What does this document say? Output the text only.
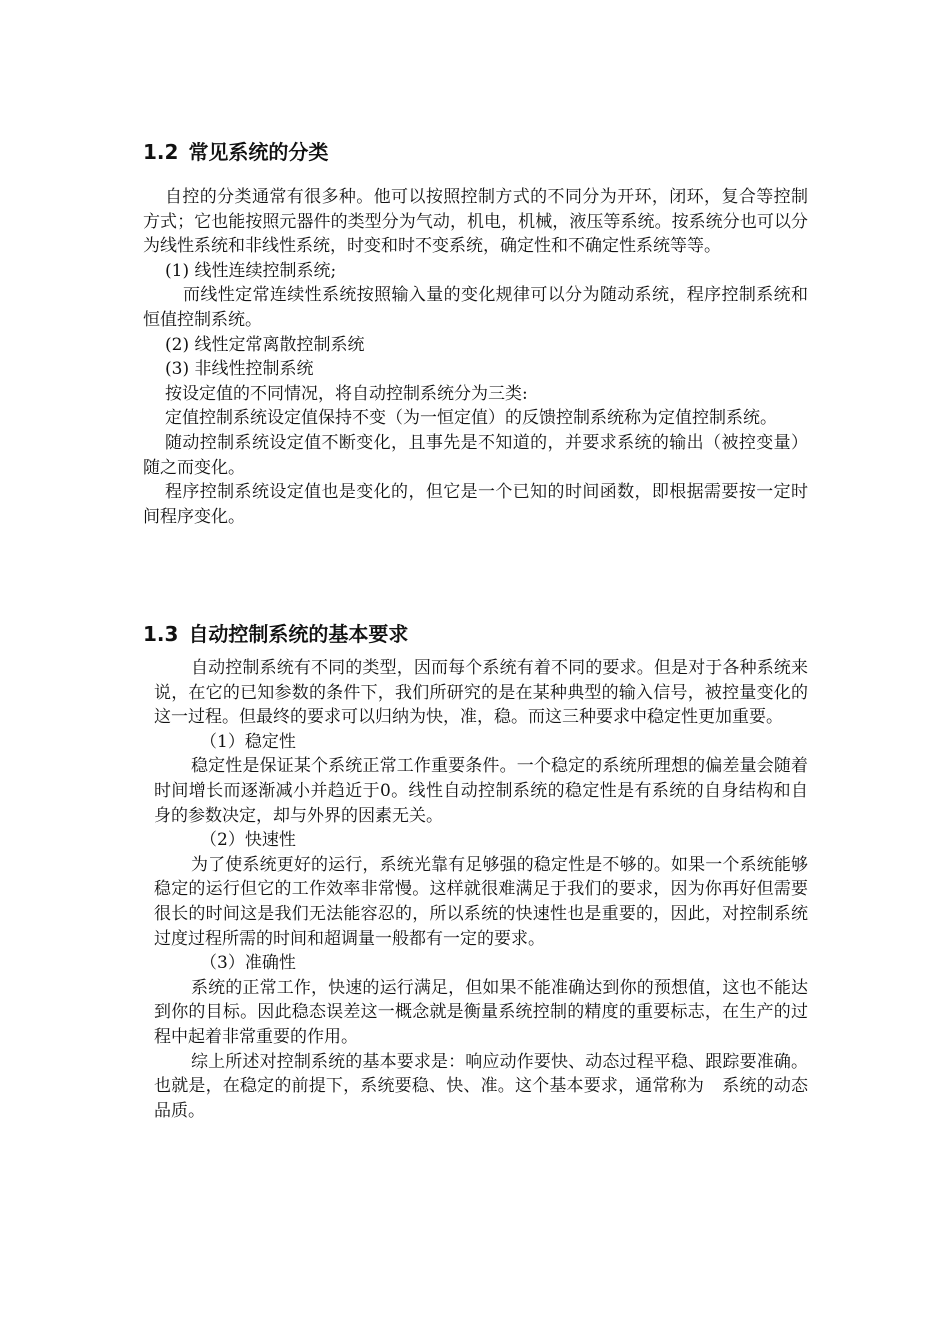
1.2 常见系统的分类

自控的分类通常有很多种。他可以按照控制方式的不同分为开环，闭环，复合等控制方式；它也能按照元器件的类型分为气动，机电，机械，液压等系统。按系统分也可以分为线性系统和非线性系统，时变和时不变系统，确定性和不确定性系统等等。

(1) 线性连续控制系统;

而线性定常连续性系统按照输入量的变化规律可以分为随动系统，程序控制系统和恒值控制系统。

(2) 线性定常离散控制系统

(3) 非线性控制系统

按设定值的不同情况，将自动控制系统分为三类:

定值控制系统设定值保持不变（为一恒定值）的反馈控制系统称为定值控制系统。

随动控制系统设定值不断变化，且事先是不知道的，并要求系统的输出（被控变量）随之而变化。

程序控制系统设定值也是变化的，但它是一个已知的时间函数，即根据需要按一定时间程序变化。

1.3 自动控制系统的基本要求

自动控制系统有不同的类型，因而每个系统有着不同的要求。但是对于各种系统来说，在它的已知参数的条件下，我们所研究的是在某种典型的输入信号，被控量变化的这一过程。但最终的要求可以归纳为快，准，稳。而这三种要求中稳定性更加重要。

（1）稳定性

稳定性是保证某个系统正常工作重要条件。一个稳定的系统所理想的偏差量会随着时间增长而逐渐减小并趋近于0。线性自动控制系统的稳定性是有系统的自身结构和自身的参数决定，却与外界的因素无关。

（2）快速性

为了使系统更好的运行，系统光靠有足够强的稳定性是不够的。如果一个系统能够稳定的运行但它的工作效率非常慢。这样就很难满足于我们的要求，因为你再好但需要很长的时间这是我们无法能容忍的，所以系统的快速性也是重要的，因此，对控制系统过度过程所需的时间和超调量一般都有一定的要求。

（3）准确性

系统的正常工作，快速的运行满足，但如果不能准确达到你的预想值，这也不能达到你的目标。因此稳态误差这一概念就是衡量系统控制的精度的重要标志，在生产的过程中起着非常重要的作用。

综上所述对控制系统的基本要求是：响应动作要快、动态过程平稳、跟踪要准确。也就是，在稳定的前提下，系统要稳、快、准。这个基本要求，通常称为 系统的动态品质。
